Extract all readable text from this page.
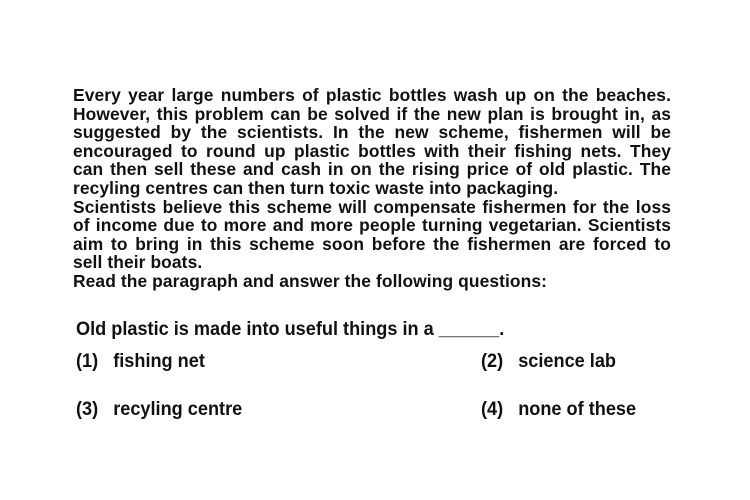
Every year large numbers of plastic bottles wash up on the beaches. However, this problem can be solved if the new plan is brought in, as suggested by the scientists. In the new scheme, fishermen will be encouraged to round up plastic bottles with their fishing nets. They can then sell these and cash in on the rising price of old plastic. The recyling centres can then turn toxic waste into packaging.

Scientists believe this scheme will compensate fishermen for the loss of income due to more and more people turning vegetarian. Scientists aim to bring in this scheme soon before the fishermen are forced to sell their boats.

Read the paragraph and answer the following questions:

Old plastic is made into useful things in a ______.
(1) fishing net	(2) science lab
(3) recyling centre	(4) none of these
